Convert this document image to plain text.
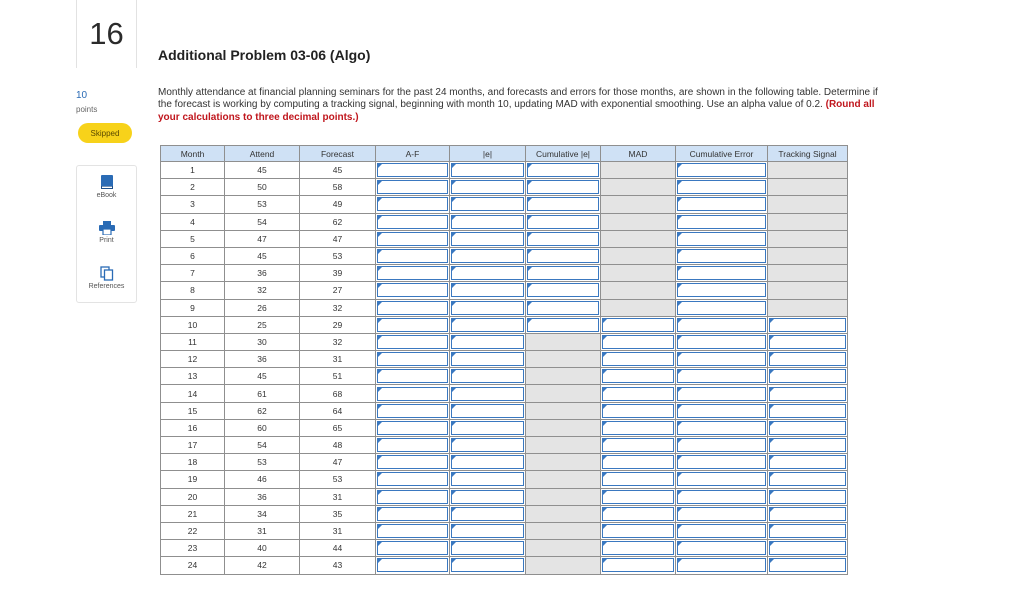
16
Additional Problem 03-06 (Algo)
10
points
Skipped
eBook
Print
References
Monthly attendance at financial planning seminars for the past 24 months, and forecasts and errors for those months, are shown in the following table. Determine if the forecast is working by computing a tracking signal, beginning with month 10, updating MAD with exponential smoothing. Use an alpha value of 0.2. (Round all your calculations to three decimal points.)
Month	Attend	Forecast	A-F	|e|	Cumulative |e|	MAD	Cumulative Error	Tracking Signal
1	45	45	

2	50	58	

3	53	49	

4	54	62	

5	47	47	

6	45	53	

7	36	39	

8	32	27	

9	26	32	

10	25	29	

11	30	32	

12	36	31	

13	45	51	

14	61	68	

15	62	64	

16	60	65	

17	54	48	

18	53	47	

19	46	53	

20	36	31	

21	34	35	

22	31	31	

23	40	44	

24	42	43	
